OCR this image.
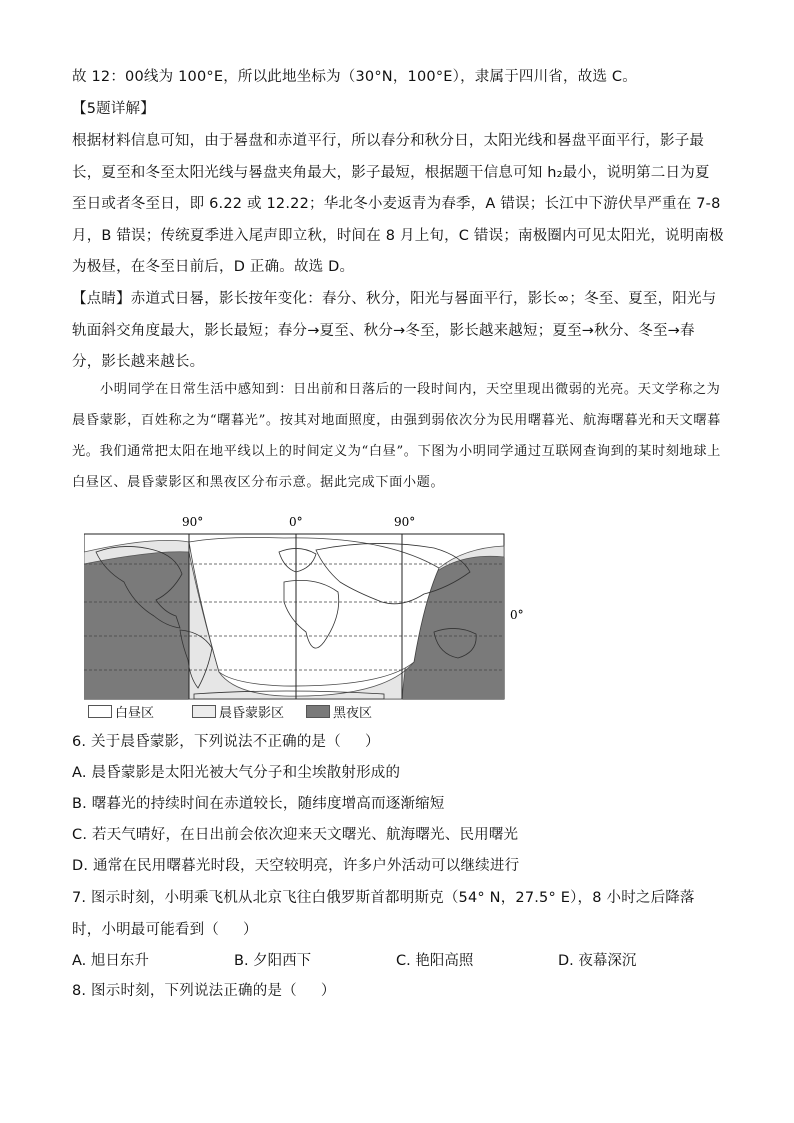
故 12：00线为 100°E，所以此地坐标为（30°N，100°E），隶属于四川省，故选 C。
【5题详解】
根据材料信息可知，由于晷盘和赤道平行，所以春分和秋分日，太阳光线和晷盘平面平行，影子最长，夏至和冬至太阳光线与晷盘夹角最大，影子最短，根据题干信息可知 h₂最小，说明第二日为夏至日或者冬至日，即 6.22 或 12.22；华北冬小麦返青为春季，A 错误；长江中下游伏旱严重在 7-8 月，B 错误；传统夏季进入尾声即立秋，时间在 8 月上旬，C 错误；南极圈内可见太阳光，说明南极为极昼，在冬至日前后，D 正确。故选 D。
【点睛】赤道式日晷，影长按年变化：春分、秋分，阳光与晷面平行，影长∞；冬至、夏至，阳光与轨面斜交角度最大，影长最短；春分→夏至、秋分→冬至，影长越来越短；夏至→秋分、冬至→春分，影长越来越长。
小明同学在日常生活中感知到：日出前和日落后的一段时间内，天空里现出微弱的光亮。天文学称之为晨昏蒙影，百姓称之为“曙暮光”。按其对地面照度，由强到弱依次分为民用曙暮光、航海曙暮光和天文曙暮光。我们通常把太阳在地平线以上的时间定义为“白昼”。下图为小明同学通过互联网查询到的某时刻地球上白昼区、晨昏蒙影区和黑夜区分布示意。据此完成下面小题。
90°	0°	90°
0°
白昼区	晨昏蒙影区	黑夜区
6. 关于晨昏蒙影，下列说法不正确的是（     ）
A. 晨昏蒙影是太阳光被大气分子和尘埃散射形成的
B. 曙暮光的持续时间在赤道较长，随纬度增高而逐渐缩短
C. 若天气晴好，在日出前会依次迎来天文曙光、航海曙光、民用曙光
D. 通常在民用曙暮光时段，天空较明亮，许多户外活动可以继续进行
7. 图示时刻，小明乘飞机从北京飞往白俄罗斯首都明斯克（54° N，27.5° E），8 小时之后降落时，小明最可能看到（     ）
A. 旭日东升	B. 夕阳西下	C. 艳阳高照	D. 夜幕深沉
8. 图示时刻，下列说法正确的是（     ）
